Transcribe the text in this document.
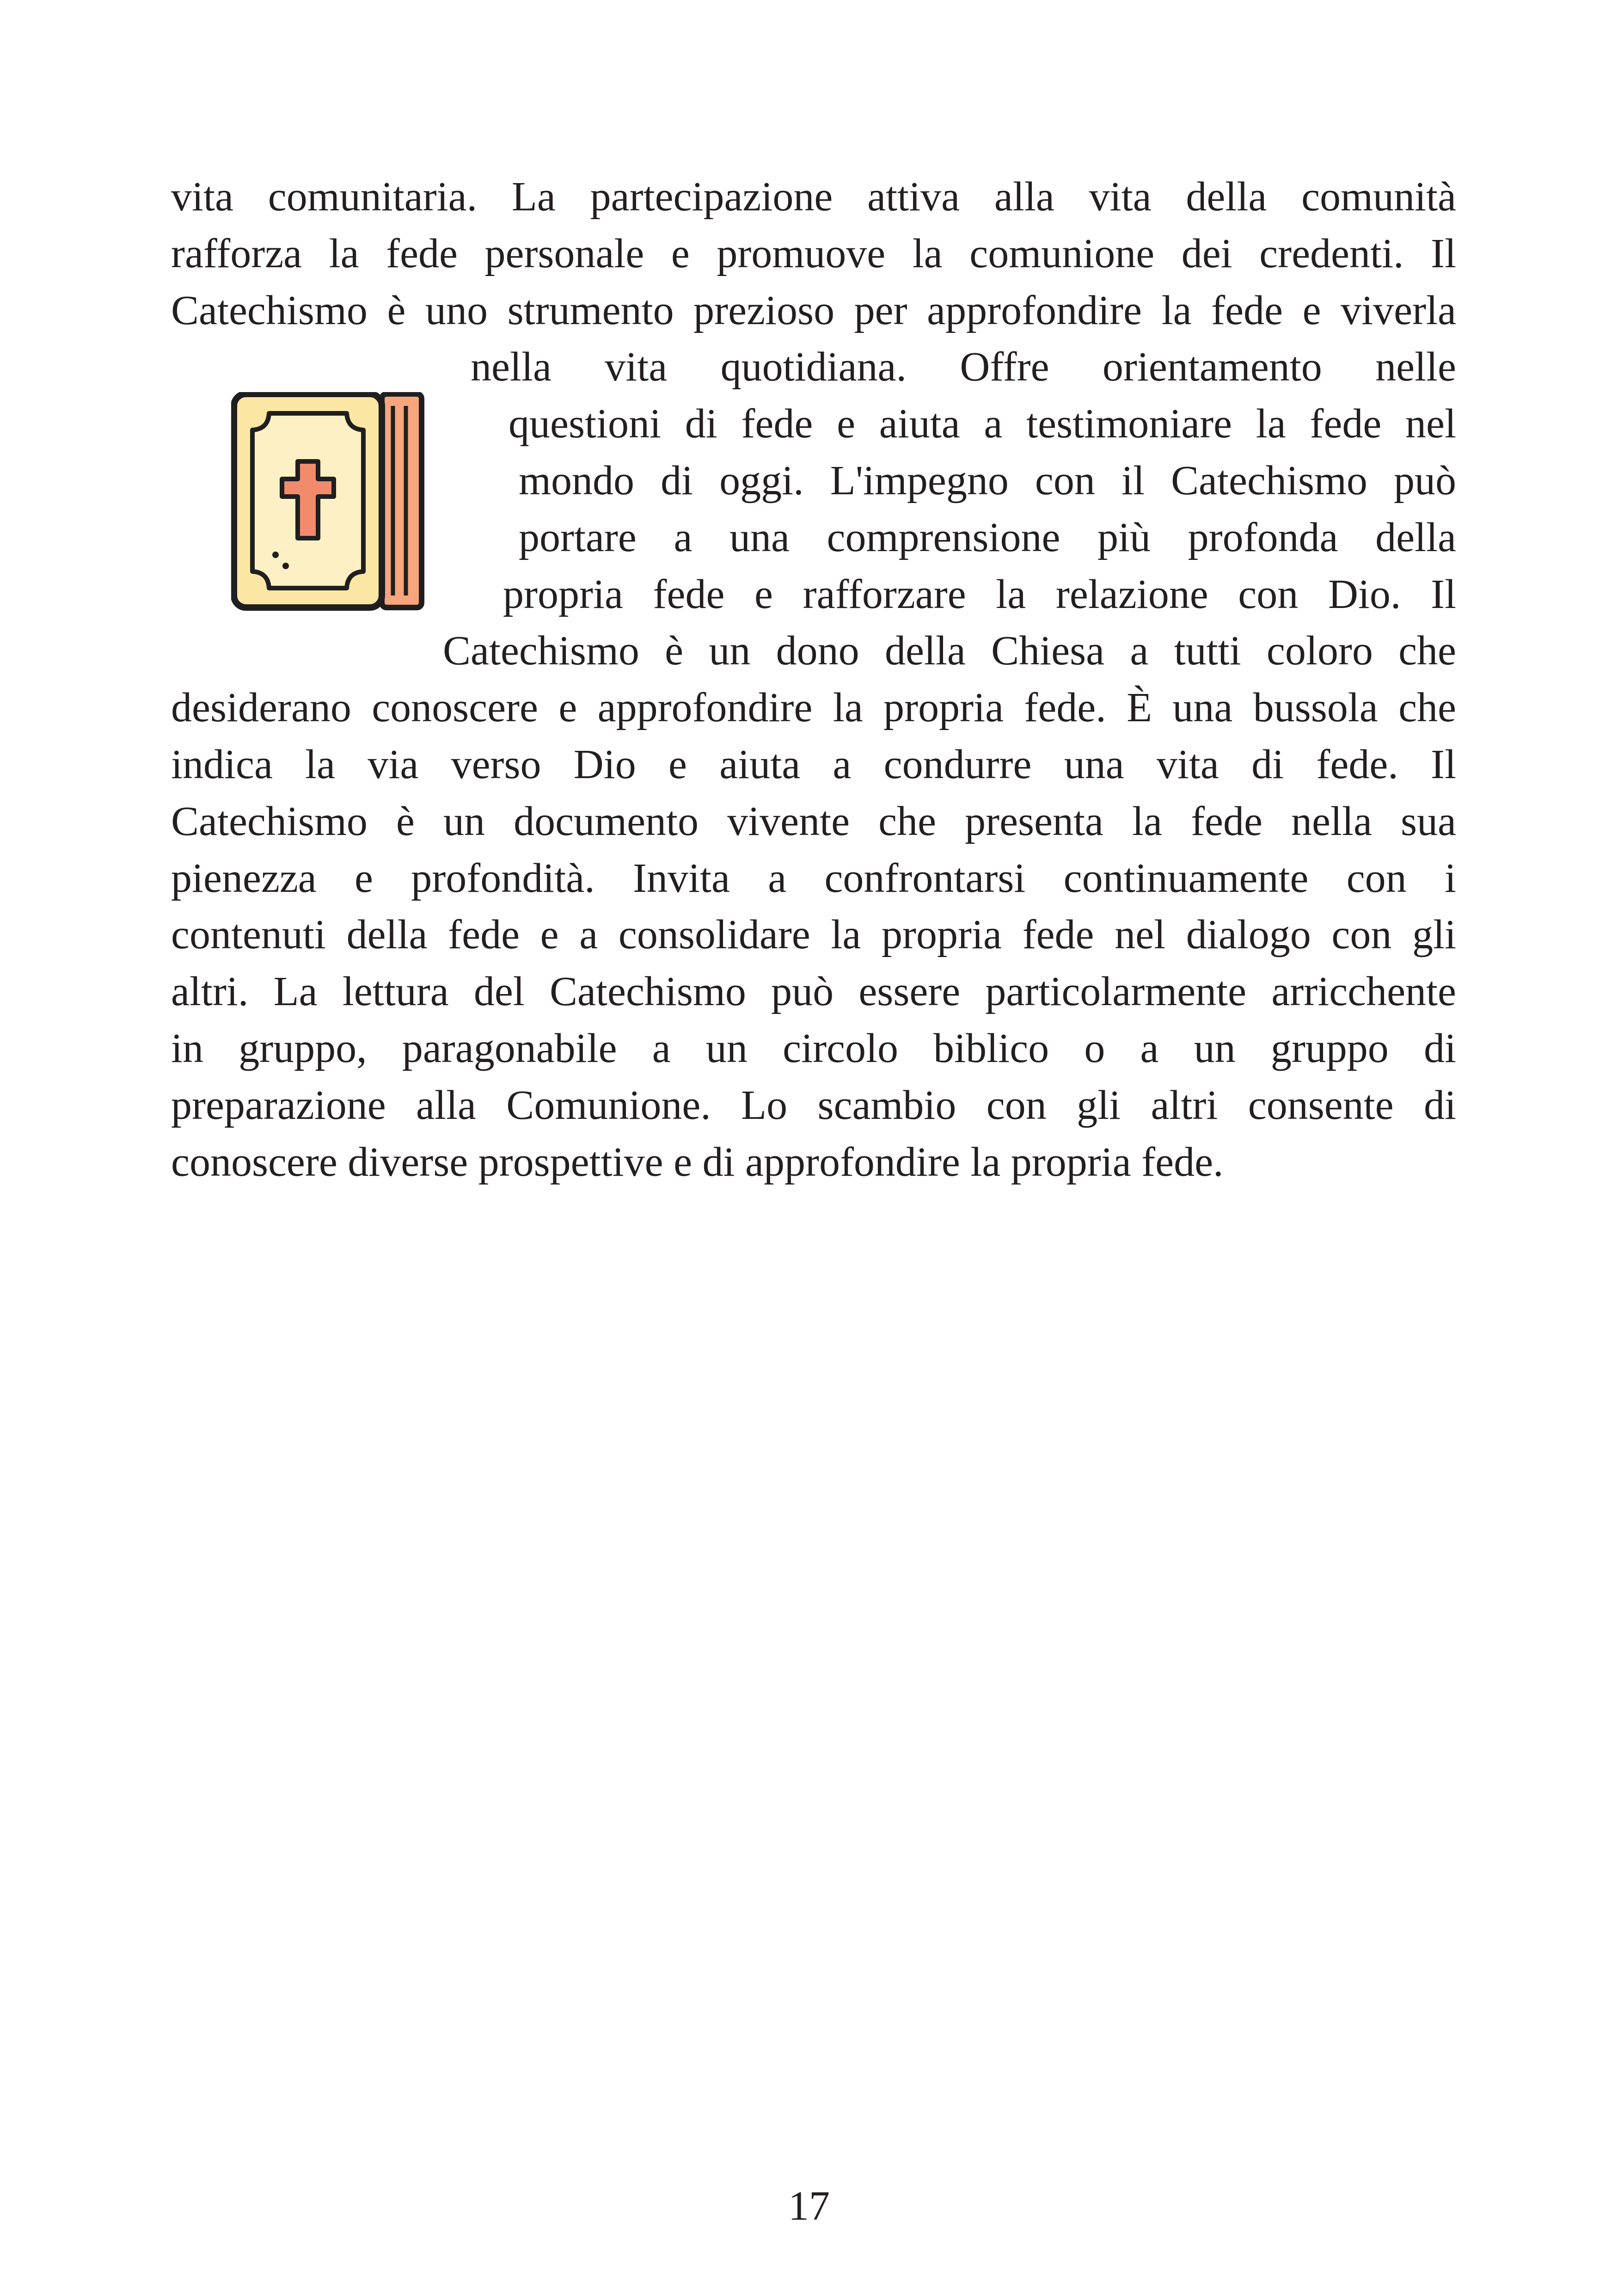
vita comunitaria. La partecipazione attiva alla vita della comunità
rafforza la fede personale e promuove la comunione dei credenti. Il
Catechismo è uno strumento prezioso per approfondire la fede e viverla
nella vita quotidiana. Offre orientamento nelle
questioni di fede e aiuta a testimoniare la fede nel
mondo di oggi. L'impegno con il Catechismo può
portare a una comprensione più profonda della
propria fede e rafforzare la relazione con Dio. Il
Catechismo è un dono della Chiesa a tutti coloro che
desiderano conoscere e approfondire la propria fede. È una bussola che
indica la via verso Dio e aiuta a condurre una vita di fede. Il
Catechismo è un documento vivente che presenta la fede nella sua
pienezza e profondità. Invita a confrontarsi continuamente con i
contenuti della fede e a consolidare la propria fede nel dialogo con gli
altri. La lettura del Catechismo può essere particolarmente arricchente
in gruppo, paragonabile a un circolo biblico o a un gruppo di
preparazione alla Comunione. Lo scambio con gli altri consente di
conoscere diverse prospettive e di approfondire la propria fede.
17
